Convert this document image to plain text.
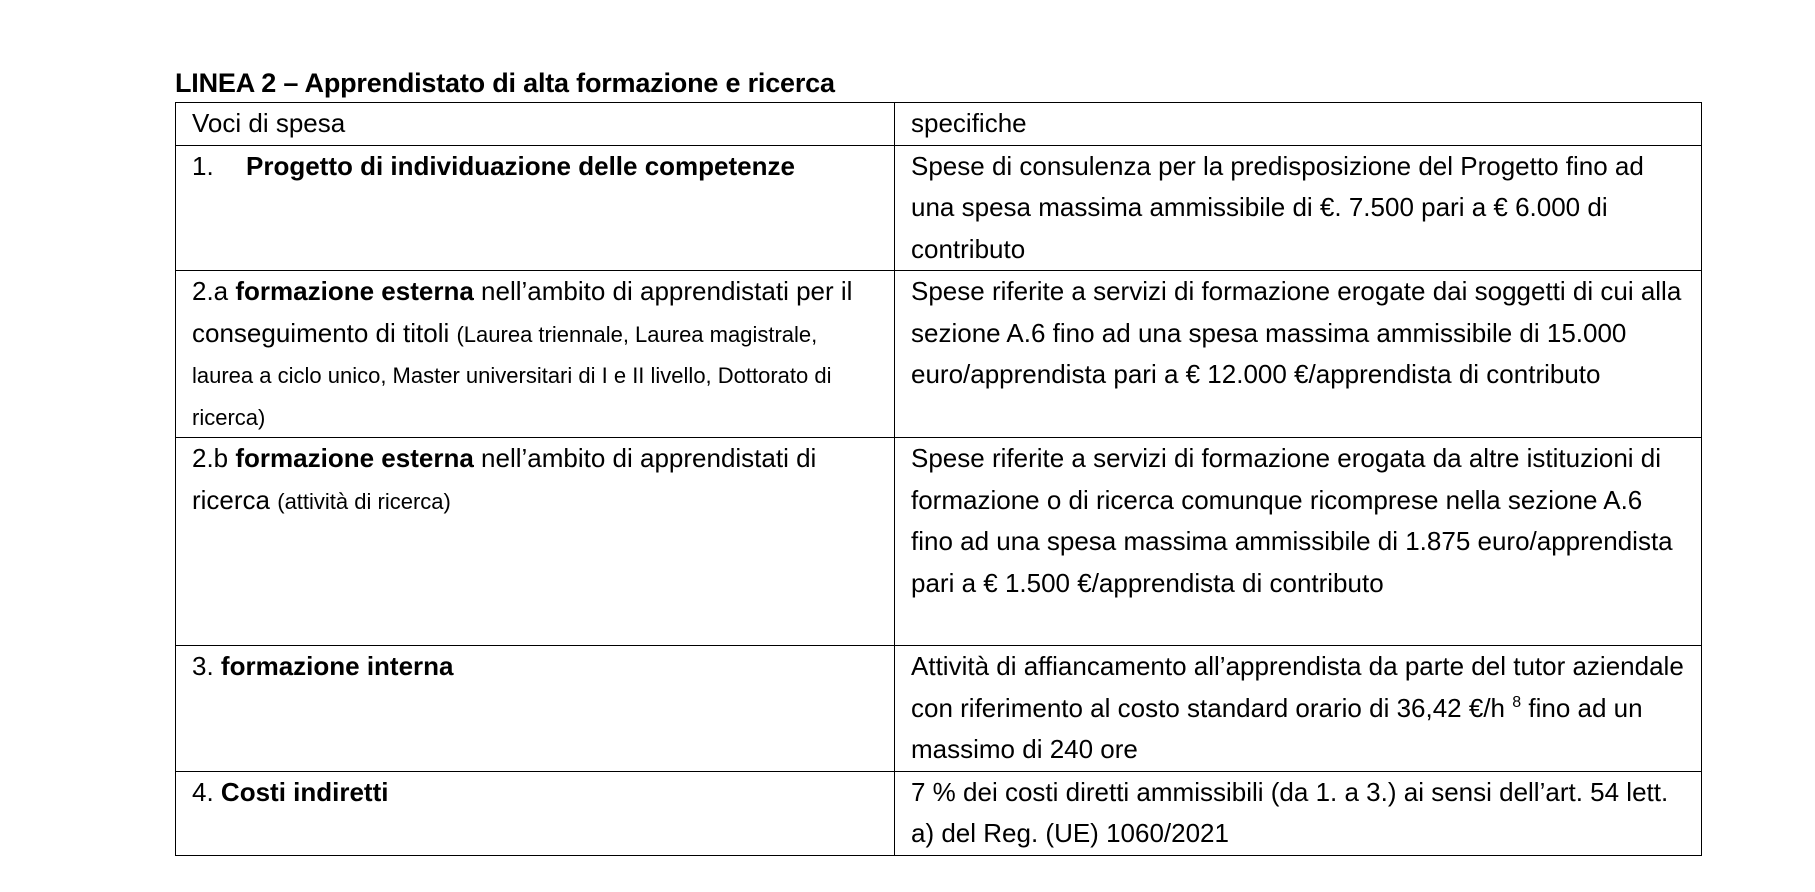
LINEA 2 – Apprendistato di alta formazione e ricerca
Voci di spesa	specifiche
1. Progetto di individuazione delle competenze	Spese di consulenza per la predisposizione del Progetto fino ad una spesa massima ammissibile di €. 7.500 pari a € 6.000 di contributo
2.a formazione esterna nell’ambito di apprendistati per il conseguimento di titoli (Laurea triennale, Laurea magistrale, laurea a ciclo unico, Master universitari di I e II livello, Dottorato di ricerca)	Spese riferite a servizi di formazione erogate dai soggetti di cui alla sezione A.6 fino ad una spesa massima ammissibile di 15.000 euro/apprendista pari a € 12.000 €/apprendista di contributo
2.b formazione esterna nell’ambito di apprendistati di ricerca (attività di ricerca)	Spese riferite a servizi di formazione erogata da altre istituzioni di formazione o di ricerca comunque ricomprese nella sezione A.6 fino ad una spesa massima ammissibile di 1.875 euro/apprendista pari a € 1.500 €/apprendista di contributo
3. formazione interna	Attività di affiancamento all’apprendista da parte del tutor aziendale con riferimento al costo standard orario di 36,42 €/h $^8$ fino ad un massimo di 240 ore
4. Costi indiretti	7 % dei costi diretti ammissibili (da 1. a 3.) ai sensi dell’art. 54 lett. a) del Reg. (UE) 1060/2021
